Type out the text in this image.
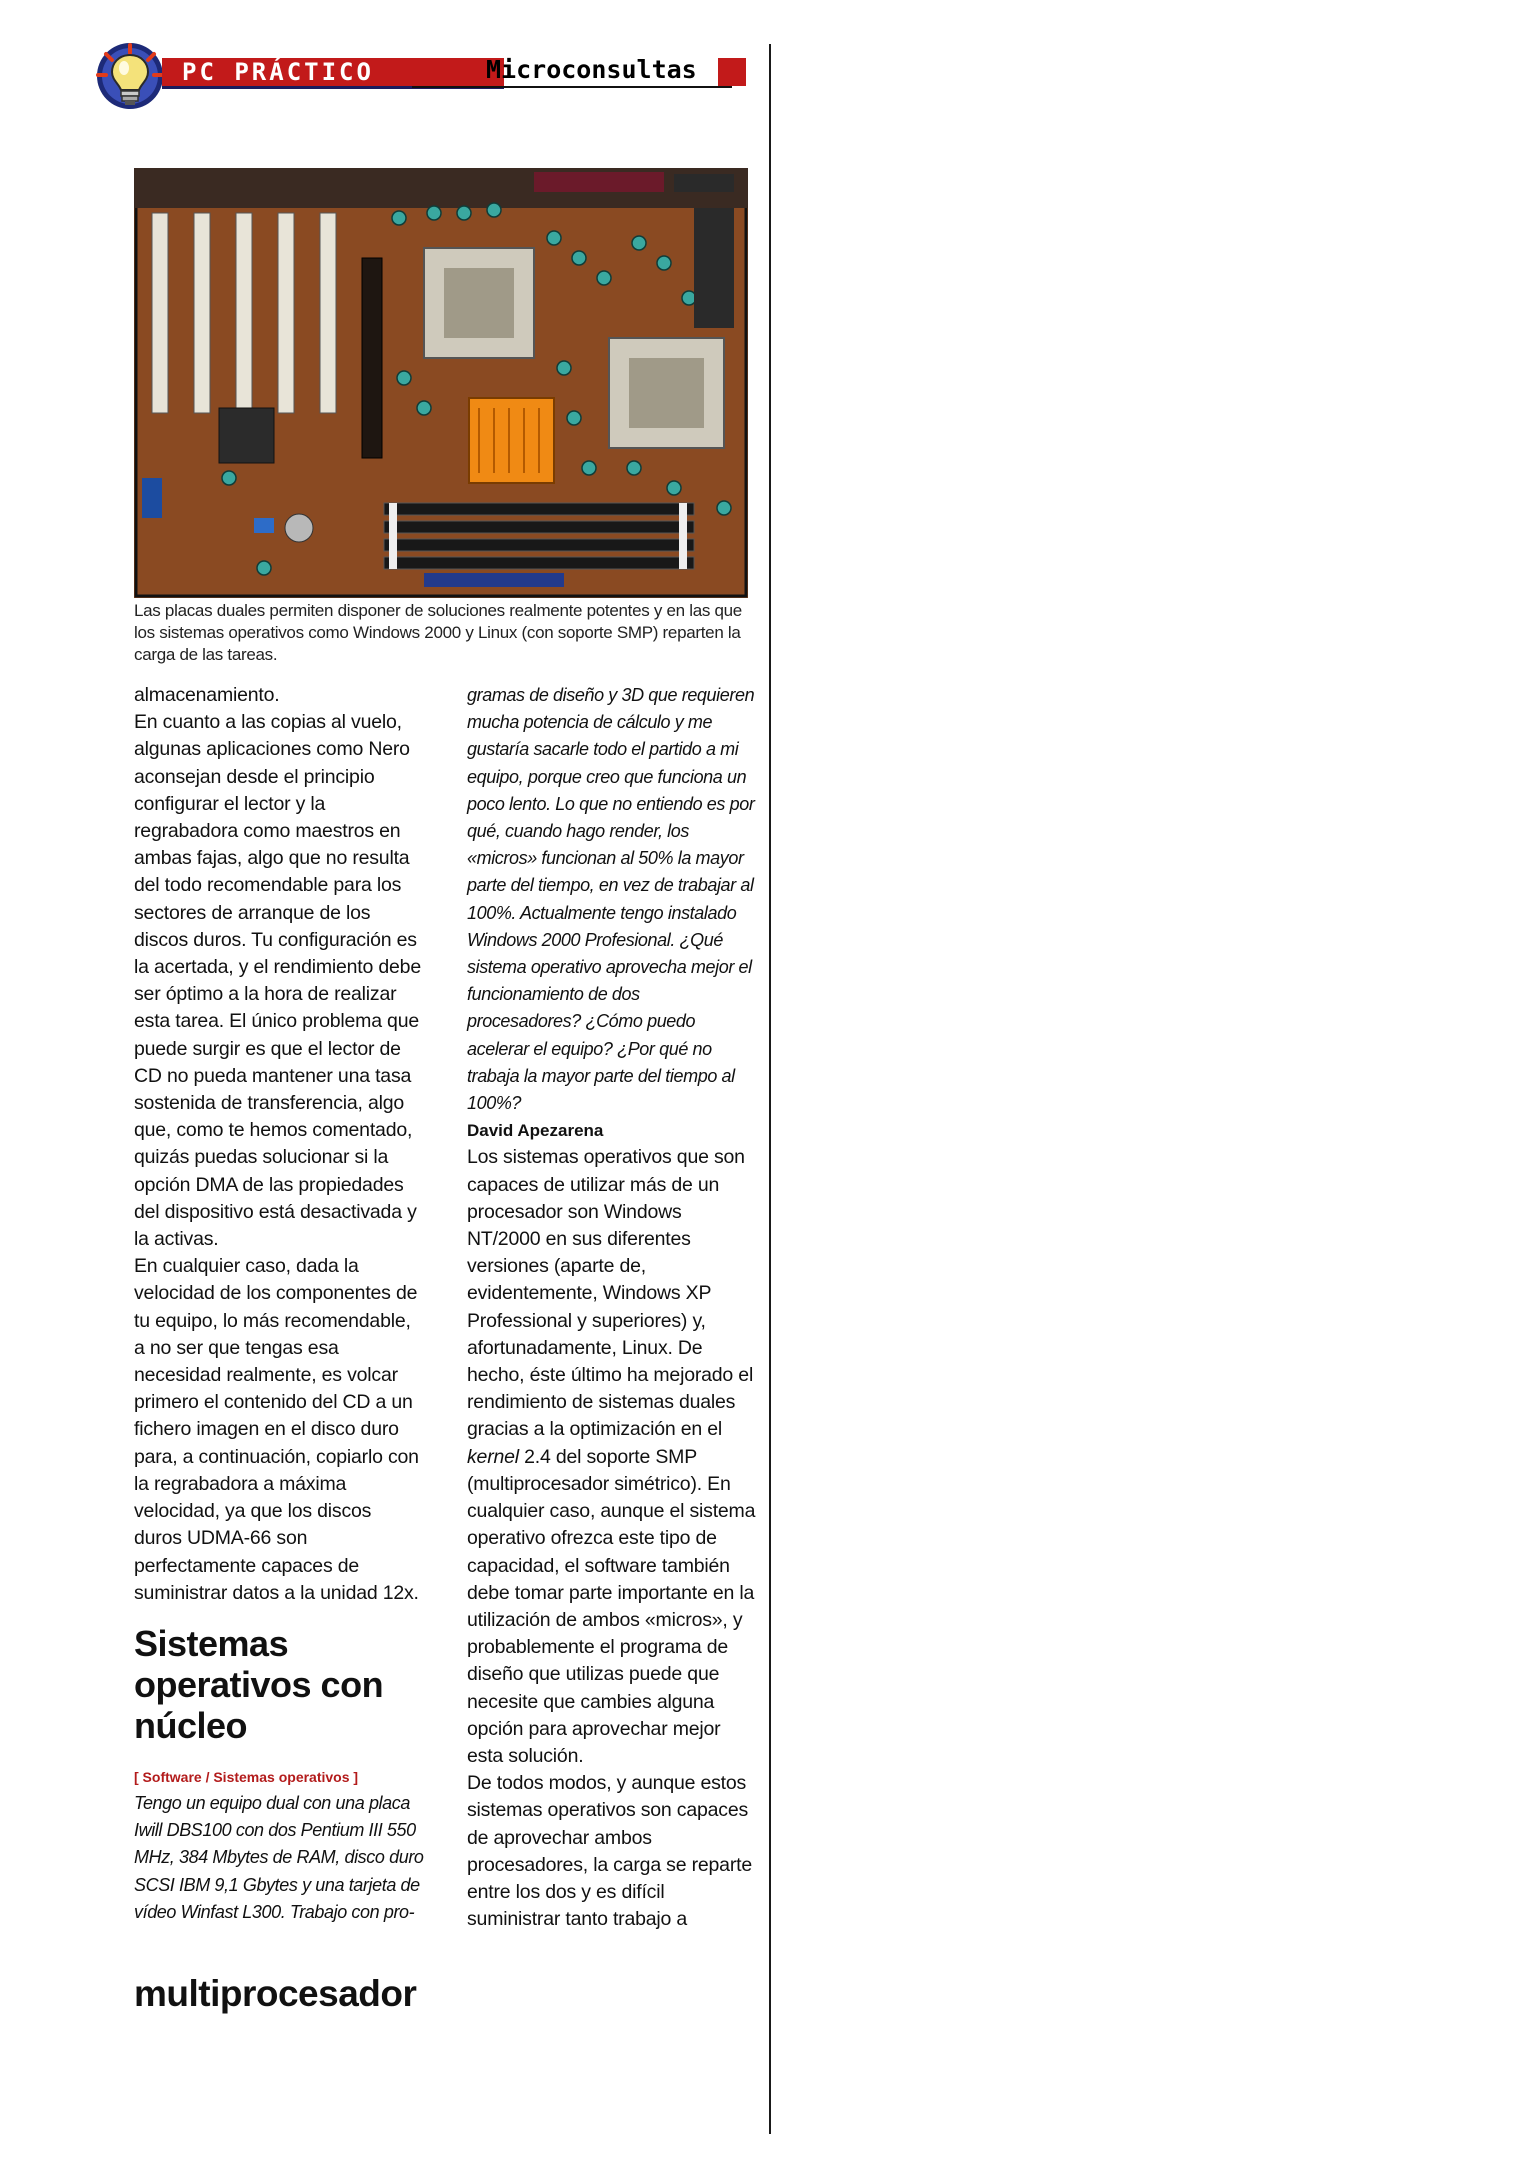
PC PRÁCTICO	Microconsultas
Las placas duales permiten disponer de soluciones realmente potentes y en las que los sistemas operativos como Windows 2000 y Linux (con soporte SMP) reparten la carga de las tareas.

almacenamiento.

En cuanto a las copias al vuelo, algunas aplicaciones como Nero aconsejan desde el principio configurar el lector y la regrabadora como maestros en ambas fajas, algo que no resulta del todo recomendable para los sectores de arranque de los discos duros. Tu configuración es la acertada, y el rendimiento debe ser óptimo a la hora de realizar esta tarea. El único problema que puede surgir es que el lector de CD no pueda mantener una tasa sostenida de transferencia, algo que, como te hemos comentado, quizás puedas solucionar si la opción DMA de las propiedades del dispositivo está desactivada y la activas.

En cualquier caso, dada la velocidad de los componentes de tu equipo, lo más recomendable, a no ser que tengas esa necesidad realmente, es volcar primero el contenido del CD a un fichero imagen en el disco duro para, a continuación, copiarlo con la regrabadora a máxima velocidad, ya que los discos duros UDMA-66 son perfectamente capaces de suministrar datos a la unidad 12x.

Sistemas operativos con núcleo

[ Software / Sistemas operativos ]

Tengo un equipo dual con una placa Iwill DBS100 con dos Pentium III 550 MHz, 384 Mbytes de RAM, disco duro SCSI IBM 9,1 Gbytes y una tarjeta de vídeo Winfast L300. Trabajo con pro-

gramas de diseño y 3D que requieren mucha potencia de cálculo y me gustaría sacarle todo el partido a mi equipo, porque creo que funciona un poco lento. Lo que no entiendo es por qué, cuando hago render, los «micros» funcionan al 50% la mayor parte del tiempo, en vez de trabajar al 100%. Actualmente tengo instalado Windows 2000 Profesional. ¿Qué sistema operativo aprovecha mejor el funcionamiento de dos procesadores? ¿Cómo puedo acelerar el equipo? ¿Por qué no trabaja la mayor parte del tiempo al 100%?

David Apezarena

Los sistemas operativos que son capaces de utilizar más de un procesador son Windows NT/2000 en sus diferentes versiones (aparte de, evidentemente, Windows XP Professional y superiores) y, afortunadamente, Linux. De hecho, éste último ha mejorado el rendimiento de sistemas duales gracias a la optimización en el kernel 2.4 del soporte SMP (multiprocesador simétrico). En cualquier caso, aunque el sistema operativo ofrezca este tipo de capacidad, el software también debe tomar parte importante en la utilización de ambos «micros», y probablemente el programa de diseño que utilizas puede que necesite que cambies alguna opción para aprovechar mejor esta solución.

De todos modos, y aunque estos sistemas operativos son capaces de aprovechar ambos procesadores, la carga se reparte entre los dos y es difícil suministrar tanto trabajo a

multiprocesador
